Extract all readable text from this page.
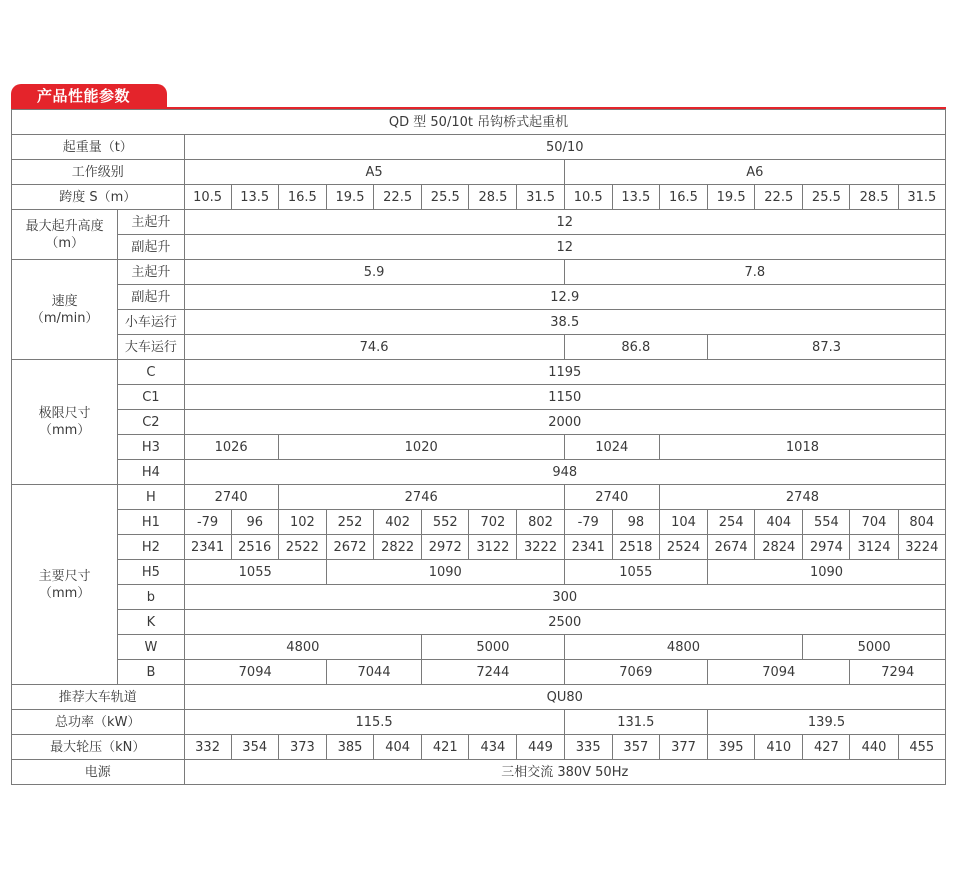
产品性能参数
QD 型 50/10t 吊钩桥式起重机																	
起重量（t）		50/10															
工作级别		A5								A6							
跨度 S（m）		10.5	13.5	16.5	19.5	22.5	25.5	28.5	31.5	10.5	13.5	16.5	19.5	22.5	25.5	28.5	31.5
最大起升高度
（m）	主起升	12															
	副起升	12															
速度
（m/min）	主起升	5.9								7.8							
	副起升	12.9															
	小车运行	38.5															
	大车运行	74.6								86.8			87.3				
极限尺寸
（mm）	C	1195															
	C1	1150															
	C2	2000															
	H3	1026		1020						1024		1018					
	H4	948															
主要尺寸
（mm）	H	2740		2746						2740		2748					
	H1	-79	96	102	252	402	552	702	802	-79	98	104	254	404	554	704	804
	H2	2341	2516	2522	2672	2822	2972	3122	3222	2341	2518	2524	2674	2824	2974	3124	3224
	H5	1055			1090					1055			1090				
	b	300															
	K	2500															
	W	4800					5000			4800					5000		
	B	7094			7044		7244			7069			7094			7294	
推荐大车轨道		QU80															
总功率（kW）		115.5								131.5			139.5				
最大轮压（kN）		332	354	373	385	404	421	434	449	335	357	377	395	410	427	440	455
电源		三相交流 380V 50Hz															
